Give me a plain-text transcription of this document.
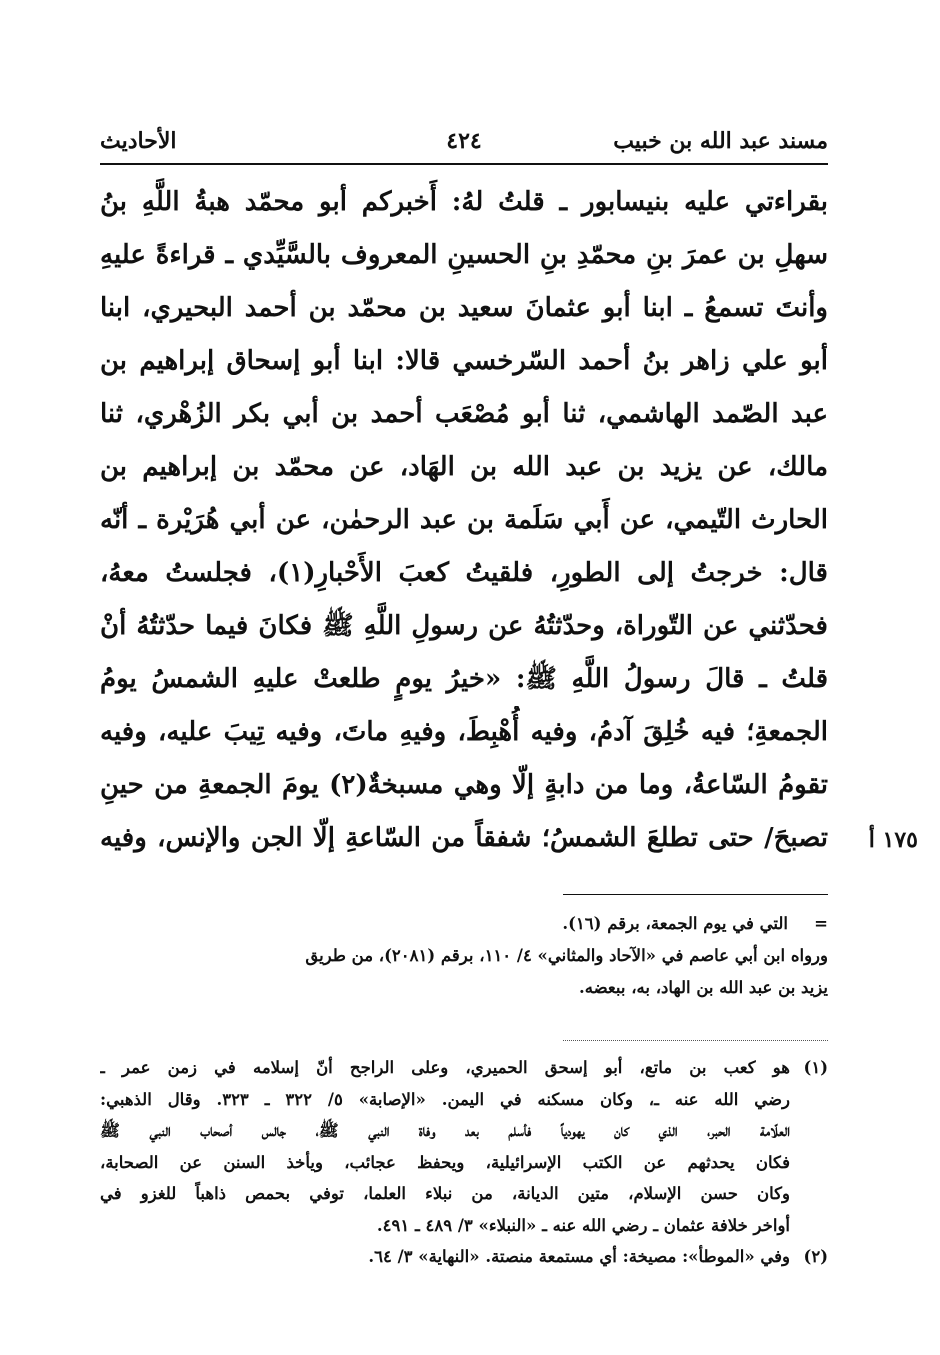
مسند عبد الله بن خبيب
٤٢٤
الأحاديث
بقراءتي عليه بنيسابور ـ قلتُ لهُ: أَخبركم أبو محمّد هبةُ اللَّهِ بنُ
سهلِ بن عمرَ بنِ محمّدِ بنِ الحسينِ المعروف بالسَّيِّدي ـ قراءةً عليهِ
وأنتَ تسمعُ ـ ابنا أبو عثمانَ سعيد بن محمّد بن أحمد البحيري، ابنا
أبو علي زاهر بنُ أحمد السّرخسي قالا: ابنا أبو إسحاق إبراهيم بن
عبد الصّمد الهاشمي، ثنا أبو مُصْعَب أحمد بن أبي بكر الزُهْري، ثنا
مالك، عن يزيد بن عبد الله بن الهَاد، عن محمّد بن إبراهيم بن
الحارث التّيمي، عن أَبي سَلَمة بن عبد الرحمٰن، عن أبي هُرَيْرة ـ أنّه
قال: خرجتُ إلى الطورِ، فلقيتُ كعبَ الأَحْبارِ(١)، فجلستُ معهُ،
فحدّثني عن التّوراة، وحدّثتُهُ عن رسولِ اللَّهِ ﷺ فكانَ فيما حدّثتُهُ أنْ
قلتُ ـ قالَ رسولُ اللَّهِ ﷺ: «خيرُ يومٍ طلعتْ عليهِ الشمسُ يومُ
الجمعةِ؛ فيه خُلِقَ آدمُ، وفيه أُهْبِطَ، وفيهِ ماتَ، وفيه تِيبَ عليه، وفيه
تقومُ السّاعةُ، وما من دابةٍ إلّا وهي مسبخةٌ(٢) يومَ الجمعةِ من حينِ
تصبحَ/ حتى تطلعَ الشمسُ؛ شفقاً من السّاعةِ إلّا الجن والإنس، وفيه	١٧٥ أ
=التي في يوم الجمعة، برقم (١٦).
ورواه ابن أبي عاصم في «الآحاد والمثاني» ٤/ ١١٠، برقم (٢٠٨١)، من طريق
يزيد بن عبد الله بن الهاد، به، ببعضه.
(١)هو كعب بن ماتع، أبو إسحق الحميري، وعلى الراجح أنّ إسلامه في زمن عمر ـ
رضي الله عنه ـ، وكان مسكنه في اليمن. «الإصابة» ٥/ ٣٢٢ ـ ٣٢٣. وقال الذهبي:
العلّامة الحبر، الذي كان يهودياً فأسلم بعد وفاة النبي ﷺ، جالس أصحاب النبي ﷺ
فكان يحدثهم عن الكتب الإسرائيلية، ويحفظ عجائب، ويأخذ السنن عن الصحابة،
وكان حسن الإسلام، متين الديانة، من نبلاء العلما، توفي بحمص ذاهباً للغزو في
أواخر خلافة عثمان ـ رضي الله عنه ـ «النبلاء» ٣/ ٤٨٩ ـ ٤٩١.
(٢)وفي «الموطأ»: مصيخة: أي مستمعة منصتة. «النهاية» ٣/ ٦٤.
